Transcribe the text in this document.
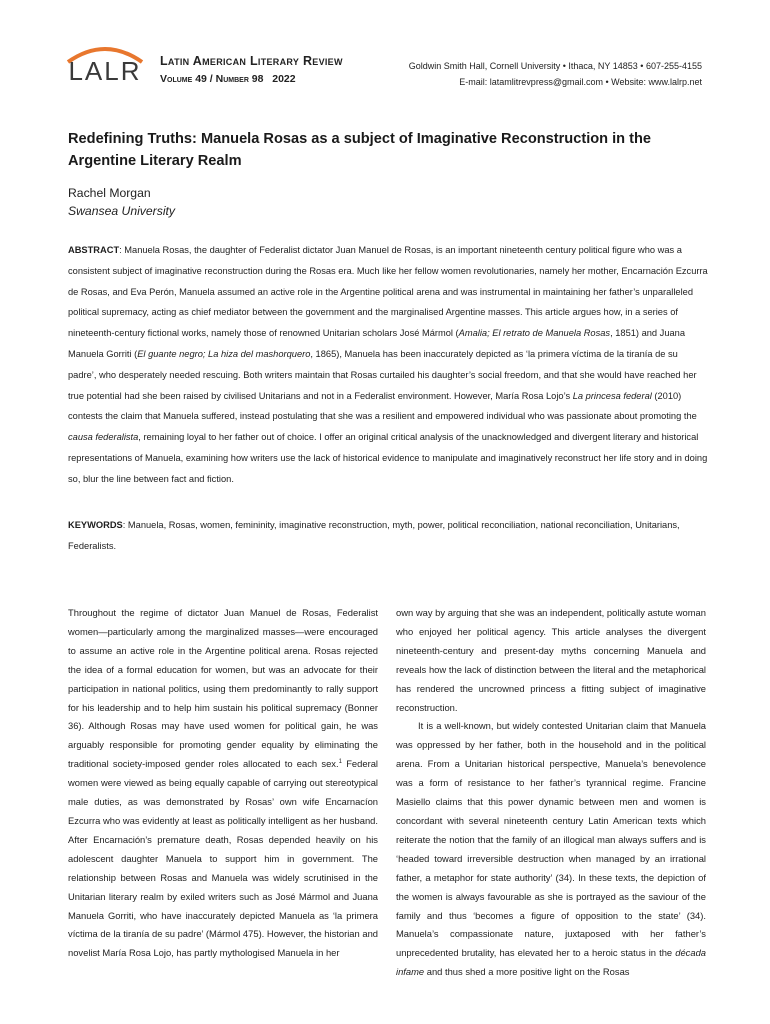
LALR	Latin American Literary Review
Volume 49 / Number 98   2022
Goldwin Smith Hall, Cornell University • Ithaca, NY 14853 • 607-255-4155
E-mail: latamlitrevpress@gmail.com • Website: www.lalrp.net
Redefining Truths: Manuela Rosas as a subject of Imaginative Reconstruction in the Argentine Literary Realm
Rachel Morgan
Swansea University
ABSTRACT: Manuela Rosas, the daughter of Federalist dictator Juan Manuel de Rosas, is an important nineteenth century political figure who was a consistent subject of imaginative reconstruction during the Rosas era. Much like her fellow women revolutionaries, namely her mother, Encarnación Ezcurra de Rosas, and Eva Perón, Manuela assumed an active role in the Argentine political arena and was instrumental in maintaining her father’s unparalleled political supremacy, acting as chief mediator between the government and the marginalised Argentine masses. This article argues how, in a series of nineteenth-century fictional works, namely those of renowned Unitarian scholars José Mármol (Amalia; El retrato de Manuela Rosas, 1851) and Juana Manuela Gorriti (El guante negro; La hiza del mashorquero, 1865), Manuela has been inaccurately depicted as ‘la primera víctima de la tiranía de su padre’, who desperately needed rescuing. Both writers maintain that Rosas curtailed his daughter’s social freedom, and that she would have reached her true potential had she been raised by civilised Unitarians and not in a Federalist environment. However, María Rosa Lojo’s La princesa federal (2010) contests the claim that Manuela suffered, instead postulating that she was a resilient and empowered individual who was passionate about promoting the causa federalista, remaining loyal to her father out of choice. I offer an original critical analysis of the unacknowledged and divergent literary and historical representations of Manuela, examining how writers use the lack of historical evidence to manipulate and imaginatively reconstruct her life story and in doing so, blur the line between fact and fiction.
KEYWORDS: Manuela, Rosas, women, femininity, imaginative reconstruction, myth, power, political reconciliation, national reconciliation, Unitarians, Federalists.

Throughout the regime of dictator Juan Manuel de Rosas, Federalist women—particularly among the marginalized masses—were encouraged to assume an active role in the Argentine political arena. Rosas rejected the idea of a formal education for women, but was an advocate for their participation in national politics, using them predominantly to rally support for his leadership and to help him sustain his political supremacy (Bonner 36). Although Rosas may have used women for political gain, he was arguably responsible for promoting gender equality by eliminating the traditional society-imposed gender roles allocated to each sex.$^1$ Federal women were viewed as being equally capable of carrying out stereotypical male duties, as was demonstrated by Rosas’ own wife Encarnacíon Ezcurra who was evidently at least as politically intelligent as her husband. After Encarnación’s premature death, Rosas depended heavily on his adolescent daughter Manuela to support him in government. The relationship between Rosas and Manuela was widely scrutinised in the Unitarian literary realm by exiled writers such as José Mármol and Juana Manuela Gorriti, who have inaccurately depicted Manuela as ‘la primera víctima de la tiranía de su padre’ (Mármol 475). However, the historian and novelist María Rosa Lojo, has partly mythologised Manuela in her

own way by arguing that she was an independent, politically astute woman who enjoyed her political agency. This article analyses the divergent nineteenth-century and present-day myths concerning Manuela and reveals how the lack of distinction between the literal and the metaphorical has rendered the uncrowned princess a fitting subject of imaginative reconstruction.

It is a well-known, but widely contested Unitarian claim that Manuela was oppressed by her father, both in the household and in the political arena. From a Unitarian historical perspective, Manuela’s benevolence was a form of resistance to her father’s tyrannical regime. Francine Masiello claims that this power dynamic between men and women is concordant with several nineteenth century Latin American texts which reiterate the notion that the family of an illogical man always suffers and is ‘headed toward irreversible destruction when managed by an irrational father, a metaphor for state authority’ (34). In these texts, the depiction of the women is always favourable as she is portrayed as the saviour of the family and thus ‘becomes a figure of opposition to the state’ (34). Manuela’s compassionate nature, juxtaposed with her father’s unprecedented brutality, has elevated her to a heroic status in the década infame and thus shed a more positive light on the Rosas
